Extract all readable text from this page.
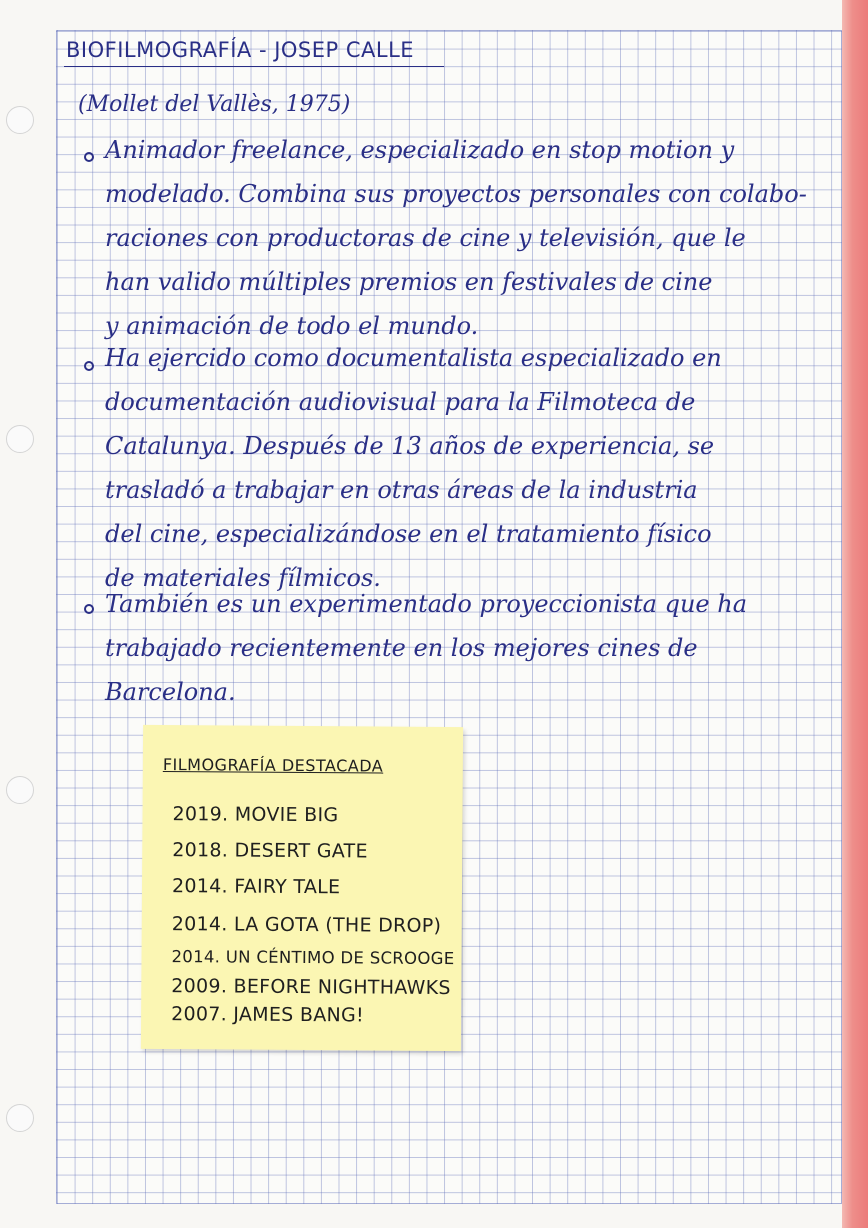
BIOFILMOGRAFÍA - JOSEP CALLE
(Mollet del Vallès, 1975)
Animador freelance, especializado en stop motion y
modelado. Combina sus proyectos personales con colabo-
raciones con productoras de cine y televisión, que le
han valido múltiples premios en festivales de cine
y animación de todo el mundo.
Ha ejercido como documentalista especializado en
documentación audiovisual para la Filmoteca de
Catalunya. Después de 13 años de experiencia, se
trasladó a trabajar en otras áreas de la industria
del cine, especializándose en el tratamiento físico
de materiales fílmicos.
También es un experimentado proyeccionista que ha
trabajado recientemente en los mejores cines de
Barcelona.
FILMOGRAFÍA DESTACADA
2019. MOVIE BIG
2018. DESERT GATE
2014. FAIRY TALE
2014. LA GOTA (THE DROP)
2014. UN CÉNTIMO DE SCROOGE
2009. BEFORE NIGHTHAWKS
2007. JAMES BANG!
